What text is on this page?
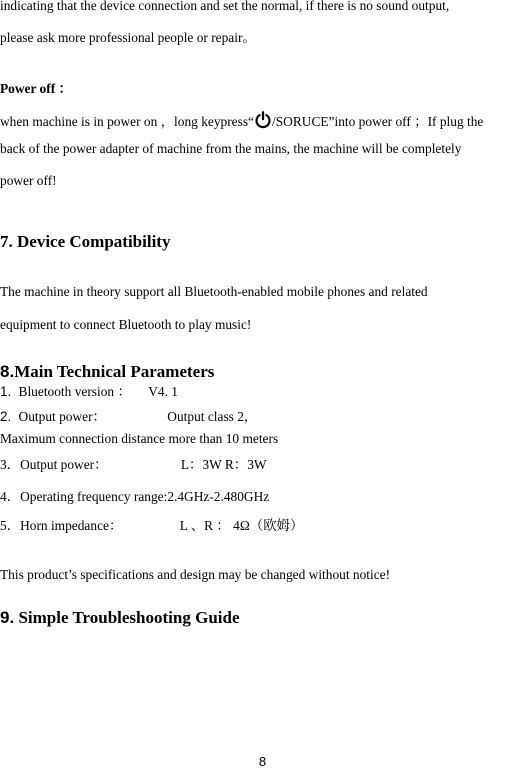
indicating that the device connection and set the normal, if there is no sound output,
please ask more professional people or repair。
Power off ：
when machine is in power on ，long keypress“ /SORUCE”into power off ；If plug the
back of the power adapter of machine from the mains, the machine will be completely
power off!
7. Device Compatibility
The machine in theory support all Bluetooth-enabled mobile phones and related
equipment to connect Bluetooth to play music!
8.Main Technical Parameters
1. Bluetooth version ： V4. 1
2. Output power：	Output class 2，
Maximum connection distance more than 10 meters
3．Output power：	L：3W R：3W
4．Operating frequency range:2.4GHz-2.480GHz
5．Horn impedance：	L 、R ： 4Ω（欧姆）
This product’s specifications and design may be changed without notice!
9. Simple Troubleshooting Guide
8
